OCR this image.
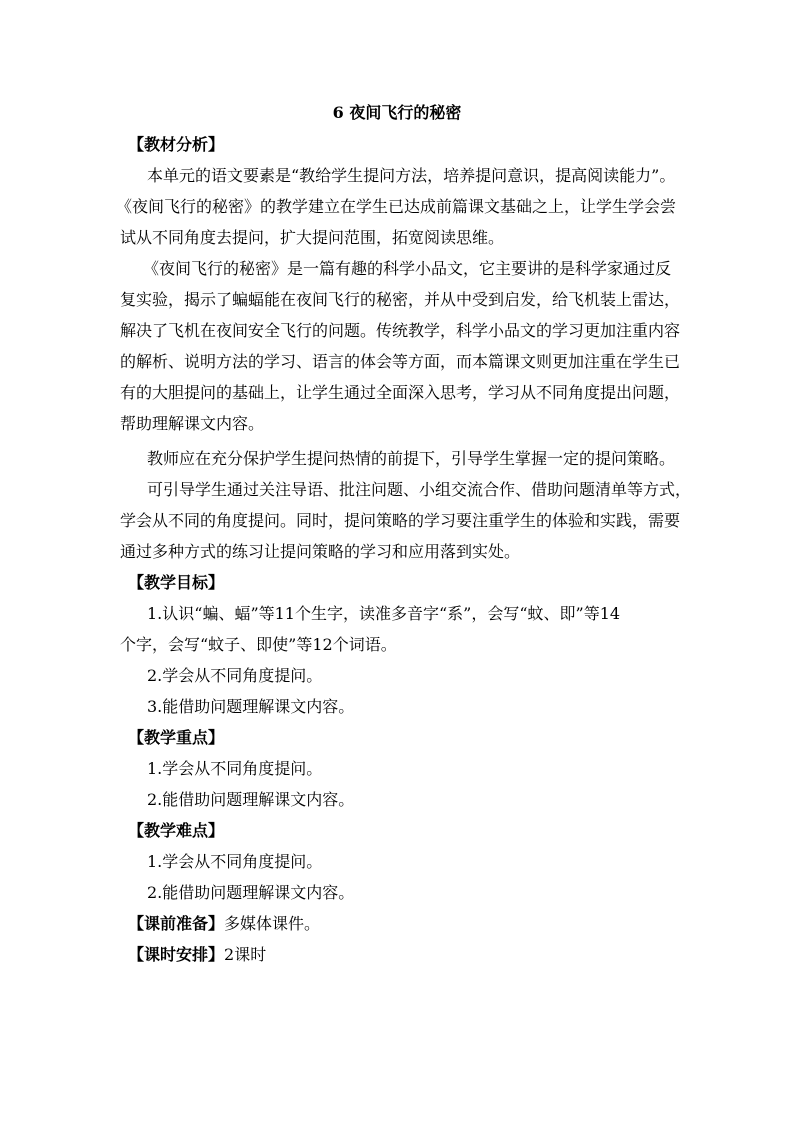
6 夜间飞行的秘密
【教材分析】
本单元的语文要素是“教给学生提问方法，培养提问意识，提高阅读能力”。
《夜间飞行的秘密》的教学建立在学生已达成前篇课文基础之上，让学生学会尝
试从不同角度去提问，扩大提问范围，拓宽阅读思维。
《夜间飞行的秘密》是一篇有趣的科学小品文，它主要讲的是科学家通过反
复实验，揭示了蝙蝠能在夜间飞行的秘密，并从中受到启发，给飞机装上雷达，
解决了飞机在夜间安全飞行的问题。传统教学，科学小品文的学习更加注重内容
的解析、说明方法的学习、语言的体会等方面，而本篇课文则更加注重在学生已
有的大胆提问的基础上，让学生通过全面深入思考，学习从不同角度提出问题，
帮助理解课文内容。
教师应在充分保护学生提问热情的前提下，引导学生掌握一定的提问策略。
可引导学生通过关注导语、批注问题、小组交流合作、借助问题清单等方式，
学会从不同的角度提问。同时，提问策略的学习要注重学生的体验和实践，需要
通过多种方式的练习让提问策略的学习和应用落到实处。
【教学目标】
1.认识“蝙、蝠”等11个生字，读准多音字“系”，会写“蚊、即”等14
个字，会写“蚊子、即使”等12个词语。
2.学会从不同角度提问。
3.能借助问题理解课文内容。
【教学重点】
1.学会从不同角度提问。
2.能借助问题理解课文内容。
【教学难点】
1.学会从不同角度提问。
2.能借助问题理解课文内容。
【课前准备】多媒体课件。
【课时安排】2课时
